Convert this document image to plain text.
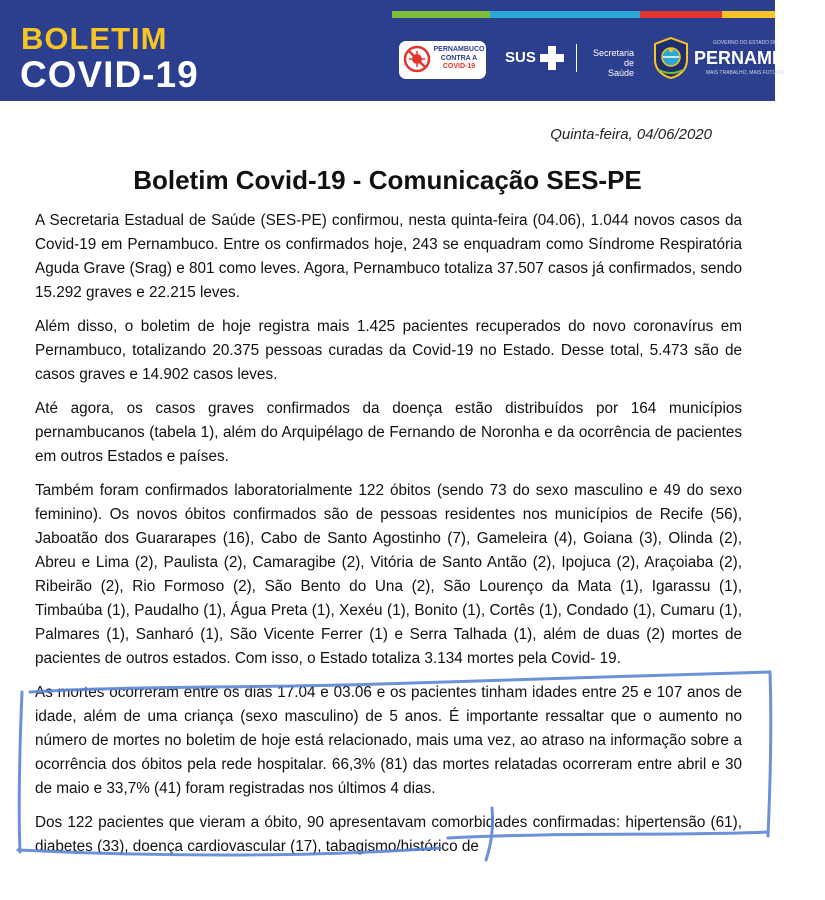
BOLETIM
COVID-19
PERNAMBUCO
CONTRA A
COVID-19
SUS	Secretaria de
Saúde
GOVERNO DO ESTADO DE
PERNAMBUCO
MAIS TRABALHO, MAIS FUTURO
Quinta-feira, 04/06/2020
Boletim Covid-19 - Comunicação SES-PE

A Secretaria Estadual de Saúde (SES-PE) confirmou, nesta quinta-feira (04.06), 1.044 novos casos da Covid-19 em Pernambuco. Entre os confirmados hoje, 243 se enquadram como Síndrome Respiratória Aguda Grave (Srag) e 801 como leves. Agora, Pernambuco totaliza 37.507 casos já confirmados, sendo 15.292 graves e 22.215 leves.

Além disso, o boletim de hoje registra mais 1.425 pacientes recuperados do novo coronavírus em Pernambuco, totalizando 20.375 pessoas curadas da Covid-19 no Estado. Desse total, 5.473 são de casos graves e 14.902 casos leves.

Até agora, os casos graves confirmados da doença estão distribuídos por 164 municípios pernambucanos (tabela 1), além do Arquipélago de Fernando de Noronha e da ocorrência de pacientes em outros Estados e países.

Também foram confirmados laboratorialmente 122 óbitos (sendo 73 do sexo masculino e 49 do sexo feminino). Os novos óbitos confirmados são de pessoas residentes nos municípios de Recife (56), Jaboatão dos Guararapes (16), Cabo de Santo Agostinho (7), Gameleira (4), Goiana (3), Olinda (2), Abreu e Lima (2), Paulista (2), Camaragibe (2), Vitória de Santo Antão (2), Ipojuca (2), Araçoiaba (2), Ribeirão (2), Rio Formoso (2), São Bento do Una (2), São Lourenço da Mata (1), Igarassu (1), Timbaúba (1), Paudalho (1), Água Preta (1), Xexéu (1), Bonito (1), Cortês (1), Condado (1), Cumaru (1), Palmares (1), Sanharó (1), São Vicente Ferrer (1) e Serra Talhada (1), além de duas (2) mortes de pacientes de outros estados. Com isso, o Estado totaliza 3.134 mortes pela Covid- 19.

As mortes ocorreram entre os dias 17.04 e 03.06 e os pacientes tinham idades entre 25 e 107 anos de idade, além de uma criança (sexo masculino) de 5 anos. É importante ressaltar que o aumento no número de mortes no boletim de hoje está relacionado, mais uma vez, ao atraso na informação sobre a ocorrência dos óbitos pela rede hospitalar. 66,3% (81) das mortes relatadas ocorreram entre abril e 30 de maio e 33,7% (41) foram registradas nos últimos 4 dias.

Dos 122 pacientes que vieram a óbito, 90 apresentavam comorbidades confirmadas: hipertensão (61), diabetes (33), doença cardiovascular (17), tabagismo/histórico de
